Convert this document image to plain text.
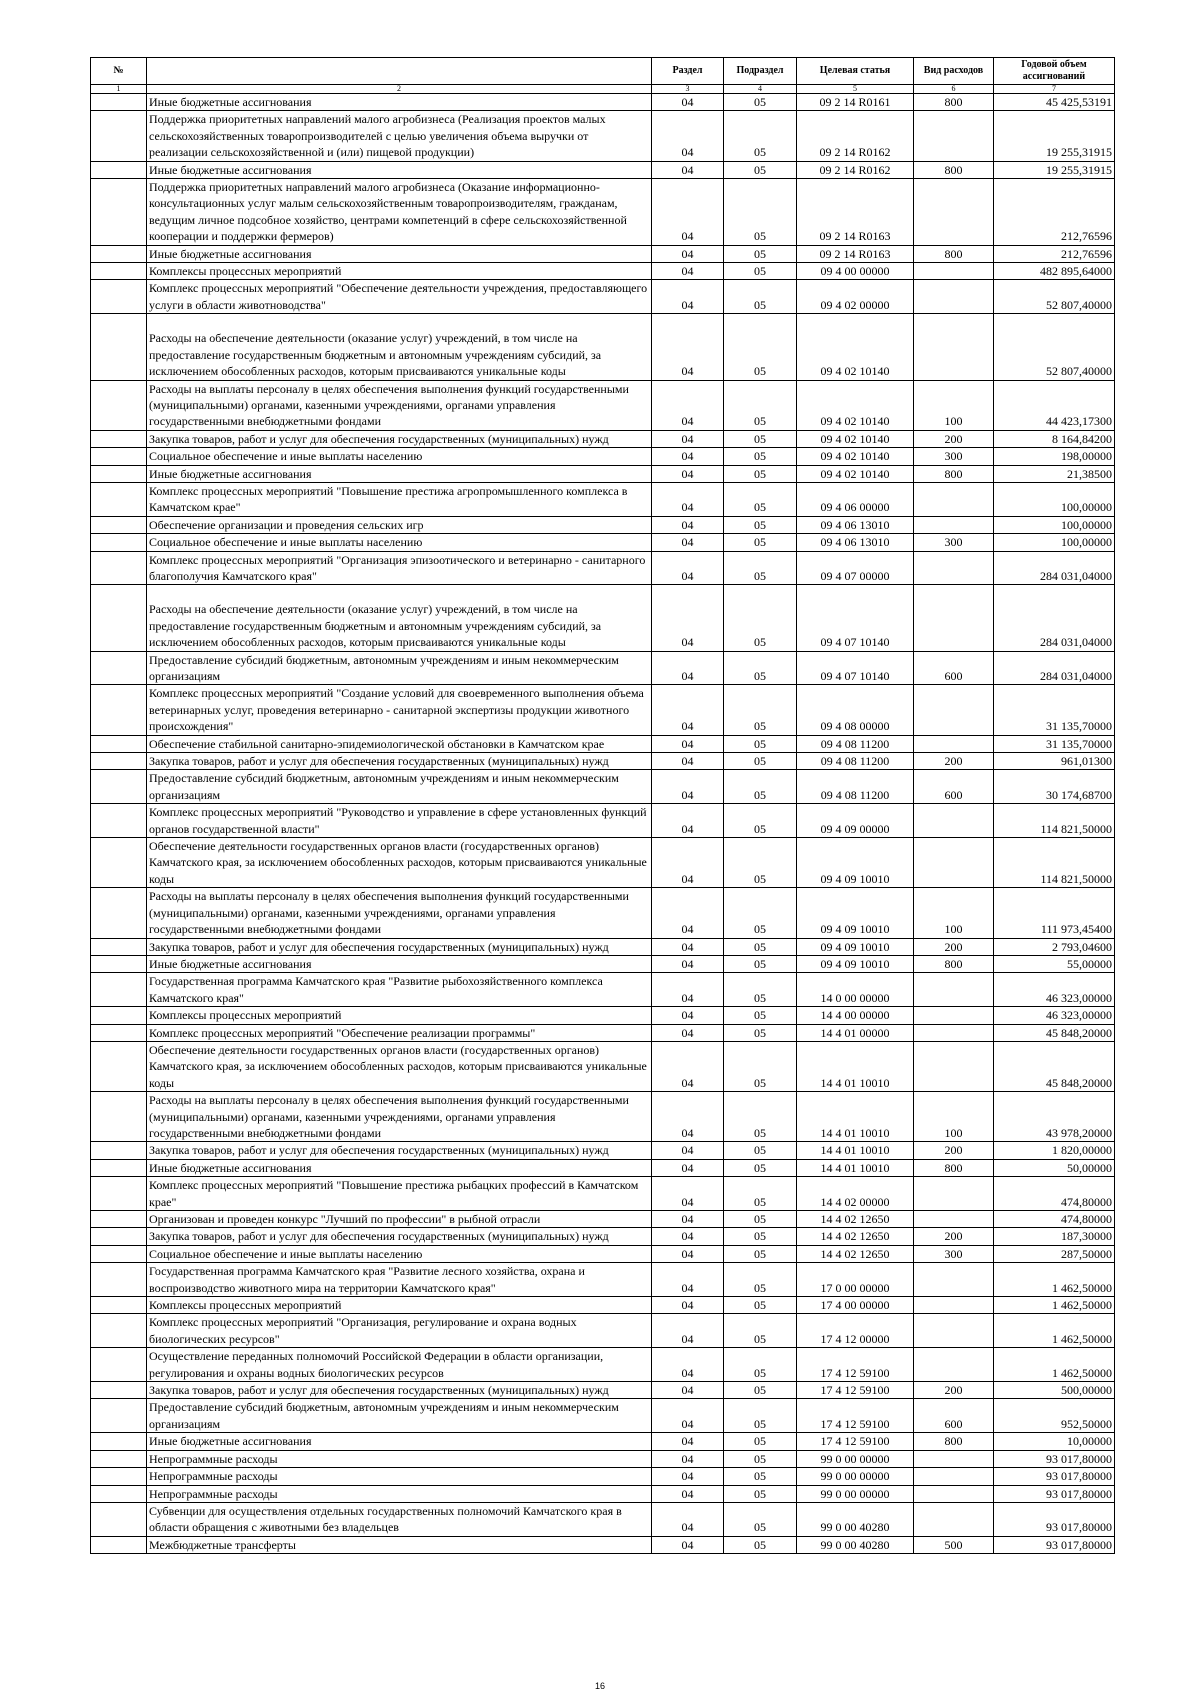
№		Раздел	Подраздел	Целевая статья	Вид расходов	Годовой объем ассигнований
1	2	3	4	5	6	7
	Иные бюджетные ассигнования	04	05	09 2 14 R0161	800	45 425,53191
	Поддержка приоритетных направлений малого агробизнеса (Реализация проектов малых сельскохозяйственных товаропроизводителей с целью увеличения объема выручки от реализации сельскохозяйственной и (или) пищевой продукции)	04	05	09 2 14 R0162		19 255,31915
	Иные бюджетные ассигнования	04	05	09 2 14 R0162	800	19 255,31915
	Поддержка приоритетных направлений малого агробизнеса (Оказание информационно-консультационных услуг малым сельскохозяйственным товаропроизводителям, гражданам, ведущим личное подсобное хозяйство, центрами компетенций в сфере сельскохозяйственной кооперации и поддержки фермеров)	04	05	09 2 14 R0163		212,76596
	Иные бюджетные ассигнования	04	05	09 2 14 R0163	800	212,76596
	Комплексы процессных мероприятий	04	05	09 4 00 00000		482 895,64000
	Комплекс процессных мероприятий "Обеспечение деятельности учреждения, предоставляющего услуги в области животноводства"	04	05	09 4 02 00000		52 807,40000
	Расходы на обеспечение деятельности (оказание услуг) учреждений, в том числе на предоставление государственным бюджетным и автономным учреждениям субсидий, за исключением обособленных расходов, которым присваиваются уникальные коды	04	05	09 4 02 10140		52 807,40000
	Расходы на выплаты персоналу в целях обеспечения выполнения функций государственными (муниципальными) органами, казенными учреждениями, органами управления государственными внебюджетными фондами	04	05	09 4 02 10140	100	44 423,17300
	Закупка товаров, работ и услуг для обеспечения государственных (муниципальных) нужд	04	05	09 4 02 10140	200	8 164,84200
	Социальное обеспечение и иные выплаты населению	04	05	09 4 02 10140	300	198,00000
	Иные бюджетные ассигнования	04	05	09 4 02 10140	800	21,38500
	Комплекс процессных мероприятий "Повышение престижа агропромышленного комплекса в Камчатском крае"	04	05	09 4 06 00000		100,00000
	Обеспечение организации и проведения сельских игр	04	05	09 4 06 13010		100,00000
	Социальное обеспечение и иные выплаты населению	04	05	09 4 06 13010	300	100,00000
	Комплекс процессных мероприятий "Организация эпизоотического и ветеринарно - санитарного благополучия Камчатского края"	04	05	09 4 07 00000		284 031,04000
	Расходы на обеспечение деятельности (оказание услуг) учреждений, в том числе на предоставление государственным бюджетным и автономным учреждениям субсидий, за исключением обособленных расходов, которым присваиваются уникальные коды	04	05	09 4 07 10140		284 031,04000
	Предоставление субсидий бюджетным, автономным учреждениям и иным некоммерческим организациям	04	05	09 4 07 10140	600	284 031,04000
	Комплекс процессных мероприятий "Создание условий для своевременного выполнения объема ветеринарных услуг, проведения ветеринарно - санитарной экспертизы продукции животного происхождения"	04	05	09 4 08 00000		31 135,70000
	Обеспечение стабильной санитарно-эпидемиологической обстановки в Камчатском крае	04	05	09 4 08 11200		31 135,70000
	Закупка товаров, работ и услуг для обеспечения государственных (муниципальных) нужд	04	05	09 4 08 11200	200	961,01300
	Предоставление субсидий бюджетным, автономным учреждениям и иным некоммерческим организациям	04	05	09 4 08 11200	600	30 174,68700
	Комплекс процессных мероприятий "Руководство и управление в сфере установленных функций органов государственной власти"	04	05	09 4 09 00000		114 821,50000
	Обеспечение деятельности государственных органов власти (государственных органов) Камчатского края, за исключением обособленных расходов, которым присваиваются уникальные коды	04	05	09 4 09 10010		114 821,50000
	Расходы на выплаты персоналу в целях обеспечения выполнения функций государственными (муниципальными) органами, казенными учреждениями, органами управления государственными внебюджетными фондами	04	05	09 4 09 10010	100	111 973,45400
	Закупка товаров, работ и услуг для обеспечения государственных (муниципальных) нужд	04	05	09 4 09 10010	200	2 793,04600
	Иные бюджетные ассигнования	04	05	09 4 09 10010	800	55,00000
	Государственная программа Камчатского края "Развитие рыбохозяйственного комплекса Камчатского края"	04	05	14 0 00 00000		46 323,00000
	Комплексы процессных мероприятий	04	05	14 4 00 00000		46 323,00000
	Комплекс процессных мероприятий "Обеспечение реализации программы"	04	05	14 4 01 00000		45 848,20000
	Обеспечение деятельности государственных органов власти (государственных органов) Камчатского края, за исключением обособленных расходов, которым присваиваются уникальные коды	04	05	14 4 01 10010		45 848,20000
	Расходы на выплаты персоналу в целях обеспечения выполнения функций государственными (муниципальными) органами, казенными учреждениями, органами управления государственными внебюджетными фондами	04	05	14 4 01 10010	100	43 978,20000
	Закупка товаров, работ и услуг для обеспечения государственных (муниципальных) нужд	04	05	14 4 01 10010	200	1 820,00000
	Иные бюджетные ассигнования	04	05	14 4 01 10010	800	50,00000
	Комплекс процессных мероприятий "Повышение престижа рыбацких профессий в Камчатском крае"	04	05	14 4 02 00000		474,80000
	Организован и проведен конкурс "Лучший по профессии" в рыбной отрасли	04	05	14 4 02 12650		474,80000
	Закупка товаров, работ и услуг для обеспечения государственных (муниципальных) нужд	04	05	14 4 02 12650	200	187,30000
	Социальное обеспечение и иные выплаты населению	04	05	14 4 02 12650	300	287,50000
	Государственная программа Камчатского края "Развитие лесного хозяйства, охрана и воспроизводство животного мира на территории Камчатского края"	04	05	17 0 00 00000		1 462,50000
	Комплексы процессных мероприятий	04	05	17 4 00 00000		1 462,50000
	Комплекс процессных мероприятий "Организация, регулирование и охрана водных биологических ресурсов"	04	05	17 4 12 00000		1 462,50000
	Осуществление переданных полномочий Российской Федерации в области организации, регулирования и охраны водных биологических ресурсов	04	05	17 4 12 59100		1 462,50000
	Закупка товаров, работ и услуг для обеспечения государственных (муниципальных) нужд	04	05	17 4 12 59100	200	500,00000
	Предоставление субсидий бюджетным, автономным учреждениям и иным некоммерческим организациям	04	05	17 4 12 59100	600	952,50000
	Иные бюджетные ассигнования	04	05	17 4 12 59100	800	10,00000
	Непрограммные расходы	04	05	99 0 00 00000		93 017,80000
	Непрограммные расходы	04	05	99 0 00 00000		93 017,80000
	Непрограммные расходы	04	05	99 0 00 00000		93 017,80000
	Субвенции для осуществления отдельных государственных полномочий Камчатского края в области обращения с животными без владельцев	04	05	99 0 00 40280		93 017,80000
	Межбюджетные трансферты	04	05	99 0 00 40280	500	93 017,80000
16
